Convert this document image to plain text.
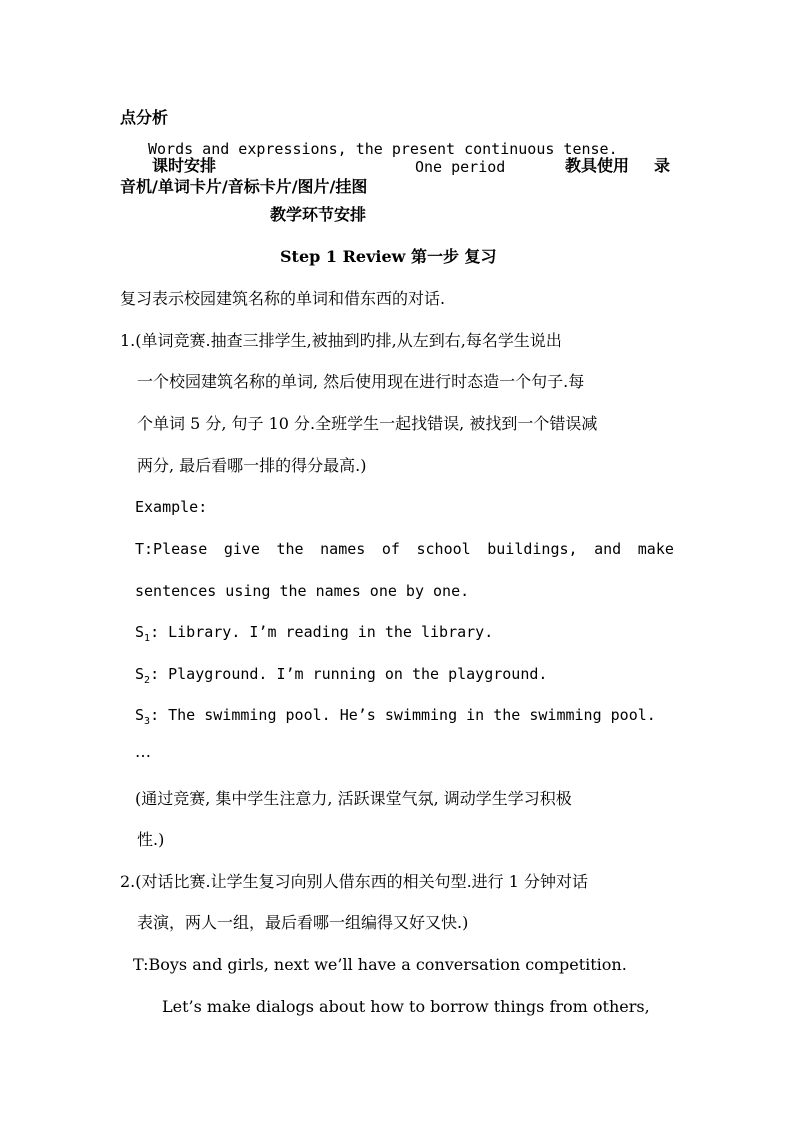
点分析
Words and expressions, the present continuous tense.
课时安排	One period	教具使用 录
音机/单词卡片/音标卡片/图片/挂图
教学环节安排
Step 1 Review 第一步 复习
复习表示校园建筑名称的单词和借东西的对话.
1.(单词竞赛.抽查三排学生,被抽到旳排,从左到右,每名学生说出
一个校园建筑名称的单词, 然后使用现在进行时态造一个句子.每
个单词 5 分, 句子 10 分.全班学生一起找错误, 被找到一个错误减
两分, 最后看哪一排的得分最高.)
Example:
T:Please give the names of school buildings, and make
sentences using the names one by one.
$S_1$: Library. I’m reading in the library.
$S_2$: Playground. I’m running on the playground.
$S_3$: The swimming pool. He’s swimming in the swimming pool.
…
(通过竞赛, 集中学生注意力, 活跃课堂气氛, 调动学生学习积极
性.)
2.(对话比赛.让学生复习向别人借东西的相关句型.进行 1 分钟对话
表演，两人一组，最后看哪一组编得又好又快.)
T:Boys and girls, next we’ll have a conversation competition.
Let’s make dialogs about how to borrow things from others,
